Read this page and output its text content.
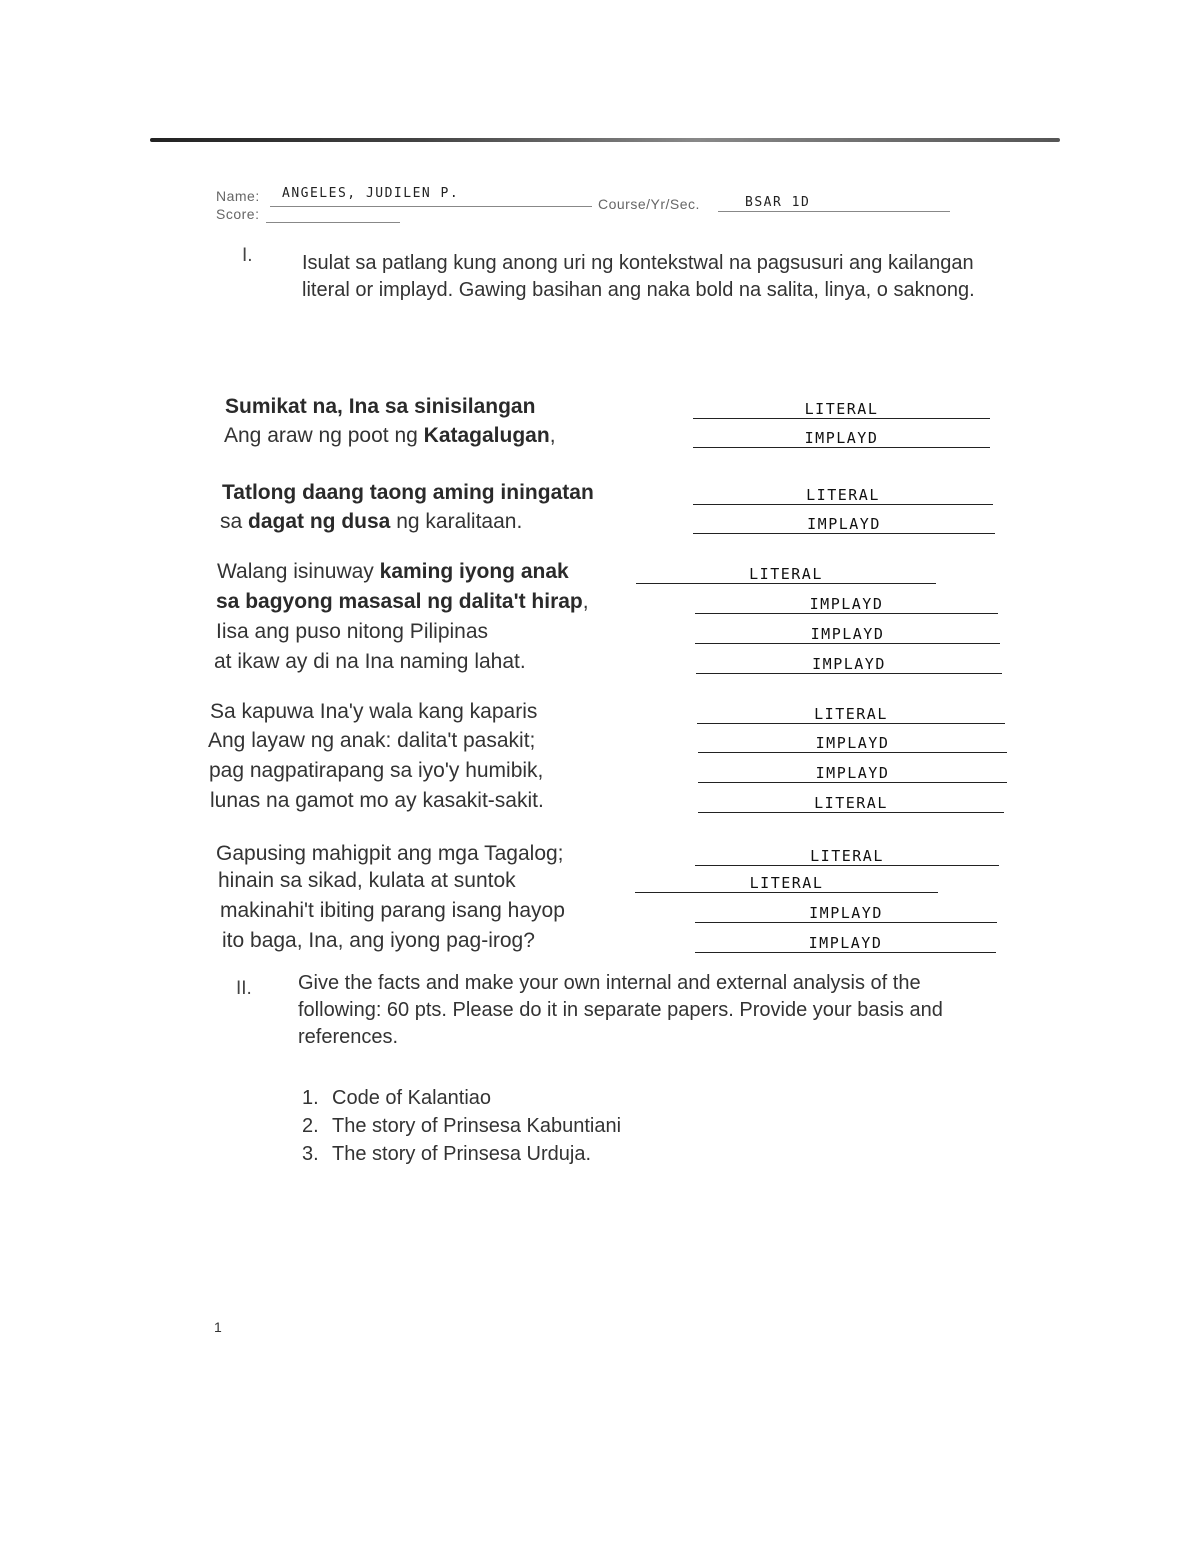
Name: ANGELES, JUDILEN P.
Course/Yr/Sec.	BSAR 1D
Score:
I. Isulat sa patlang kung anong uri ng kontekstwal na pagsusuri ang kailangan literal or implayd. Gawing basihan ang naka bold na salita, linya, o saknong.
Sumikat na, Ina sa sinisilangan	LITERAL
Ang araw ng poot ng Katagalugan,	IMPLAYD
Tatlong daang taong aming iningatan	LITERAL
sa dagat ng dusa ng karalitaan.	IMPLAYD
Walang isinuway kaming iyong anak	LITERAL
sa bagyong masasal ng dalita't hirap,	IMPLAYD
Iisa ang puso nitong Pilipinas	IMPLAYD
at ikaw ay di na Ina naming lahat.	IMPLAYD
Sa kapuwa Ina'y wala kang kaparis	LITERAL
Ang layaw ng anak: dalita't pasakit;	IMPLAYD
pag nagpatirapang sa iyo'y humibik,	IMPLAYD
lunas na gamot mo ay kasakit-sakit.	LITERAL
Gapusing mahigpit ang mga Tagalog;	LITERAL
hinain sa sikad, kulata at suntok	LITERAL
makinahi't ibiting parang isang hayop	IMPLAYD
ito baga, Ina, ang iyong pag-irog?	IMPLAYD
II. Give the facts and make your own internal and external analysis of the following: 60 pts. Please do it in separate papers. Provide your basis and references.
1. Code of Kalantiao
2. The story of Prinsesa Kabuntiani
3. The story of Prinsesa Urduja.
1
